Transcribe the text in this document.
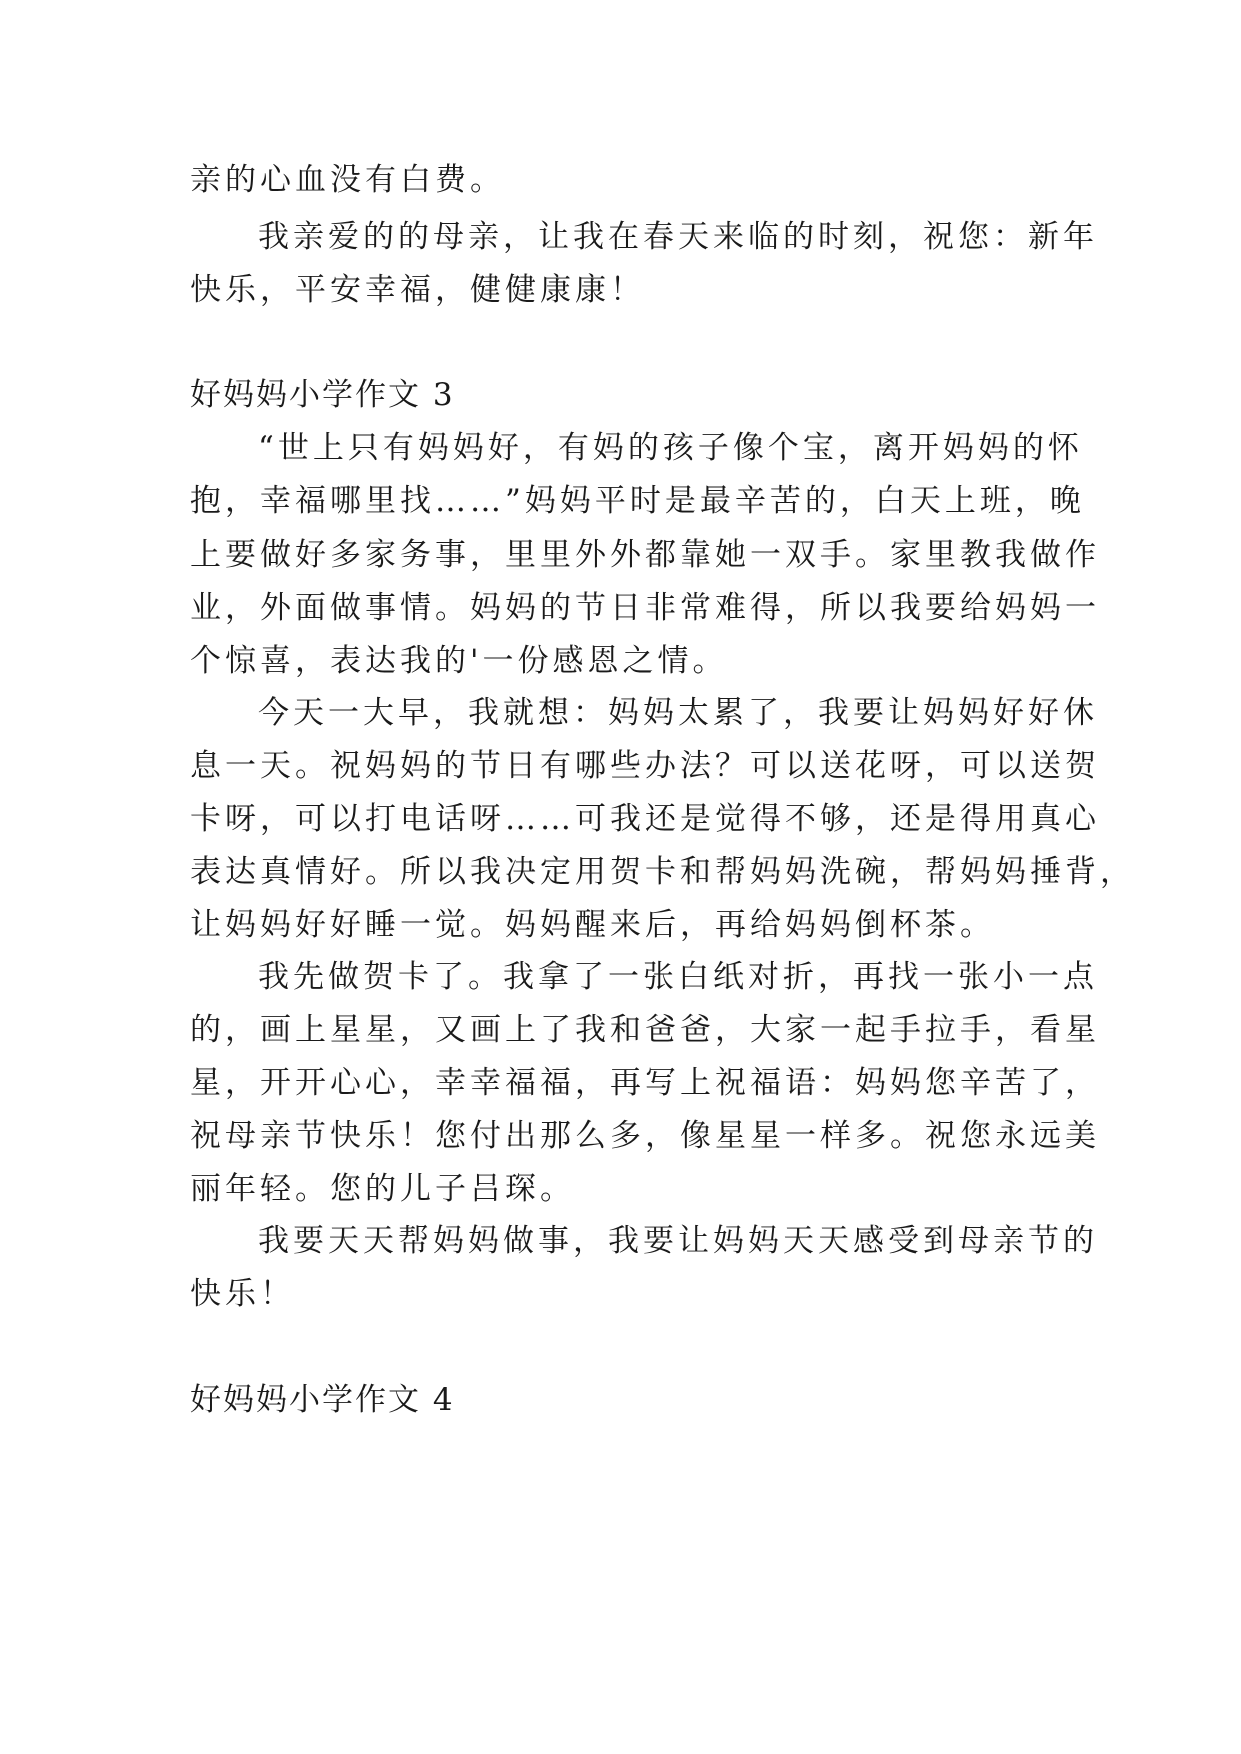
亲的心血没有白费。
我亲爱的的母亲，让我在春天来临的时刻，祝您：新年
快乐，平安幸福，健健康康！
好妈妈小学作文 3
“世上只有妈妈好，有妈的孩子像个宝，离开妈妈的怀
抱，幸福哪里找……”妈妈平时是最辛苦的，白天上班，晚
上要做好多家务事，里里外外都靠她一双手。家里教我做作
业，外面做事情。妈妈的节日非常难得，所以我要给妈妈一
个惊喜，表达我的'一份感恩之情。
今天一大早，我就想：妈妈太累了，我要让妈妈好好休
息一天。祝妈妈的节日有哪些办法？可以送花呀，可以送贺
卡呀，可以打电话呀……可我还是觉得不够，还是得用真心
表达真情好。所以我决定用贺卡和帮妈妈洗碗，帮妈妈捶背，
让妈妈好好睡一觉。妈妈醒来后，再给妈妈倒杯茶。
我先做贺卡了。我拿了一张白纸对折，再找一张小一点
的，画上星星，又画上了我和爸爸，大家一起手拉手，看星
星，开开心心，幸幸福福，再写上祝福语：妈妈您辛苦了，
祝母亲节快乐！您付出那么多，像星星一样多。祝您永远美
丽年轻。您的儿子吕琛。
我要天天帮妈妈做事，我要让妈妈天天感受到母亲节的
快乐！
好妈妈小学作文 4
